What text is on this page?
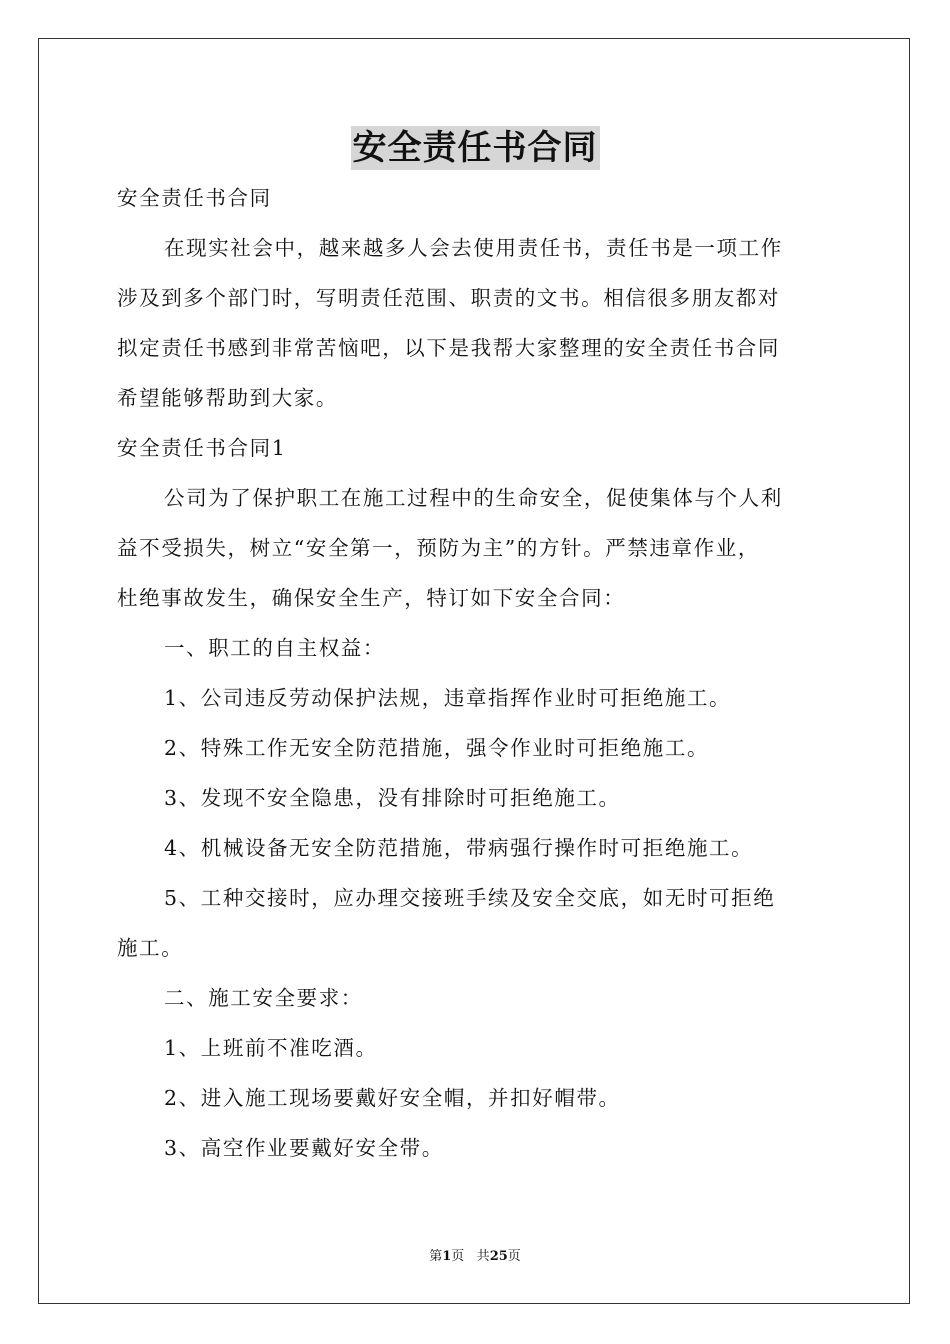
安全责任书合同
安全责任书合同
在现实社会中，越来越多人会去使用责任书，责任书是一项工作
涉及到多个部门时，写明责任范围、职责的文书。相信很多朋友都对
拟定责任书感到非常苦恼吧，以下是我帮大家整理的安全责任书合同
希望能够帮助到大家。
安全责任书合同1
公司为了保护职工在施工过程中的生命安全，促使集体与个人利
益不受损失，树立“安全第一，预防为主”的方针。严禁违章作业，
杜绝事故发生，确保安全生产，特订如下安全合同：
一、职工的自主权益：
1、公司违反劳动保护法规，违章指挥作业时可拒绝施工。
2、特殊工作无安全防范措施，强令作业时可拒绝施工。
3、发现不安全隐患，没有排除时可拒绝施工。
4、机械设备无安全防范措施，带病强行操作时可拒绝施工。
5、工种交接时，应办理交接班手续及安全交底，如无时可拒绝
施工。
二、施工安全要求：
1、上班前不准吃酒。
2、进入施工现场要戴好安全帽，并扣好帽带。
3、高空作业要戴好安全带。
第1页 共25页
